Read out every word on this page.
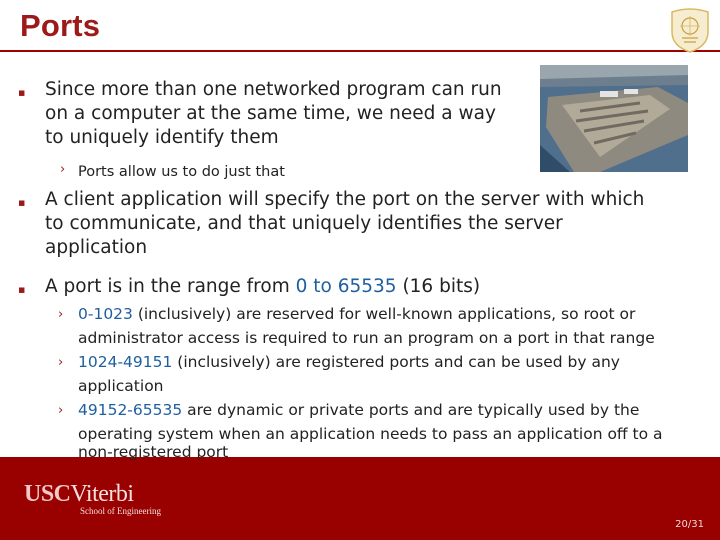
Ports
▪ Since more than one networked program can run
on a computer at the same time, we need a way
to uniquely identify them
› Ports allow us to do just that
▪ A client application will specify the port on the server with which
to communicate, and that uniquely identifies the server
application
▪ A port is in the range from 0 to 65535 (16 bits)
› 0-1023 (inclusively) are reserved for well-known applications, so root or
administrator access is required to run an program on a port in that range
› 1024-49151 (inclusively) are registered ports and can be used by any
application
› 49152-65535 are dynamic or private ports and are typically used by the
operating system when an application needs to pass an application off to a
non-registered port
USCViterbi
School of Engineering
20/31
